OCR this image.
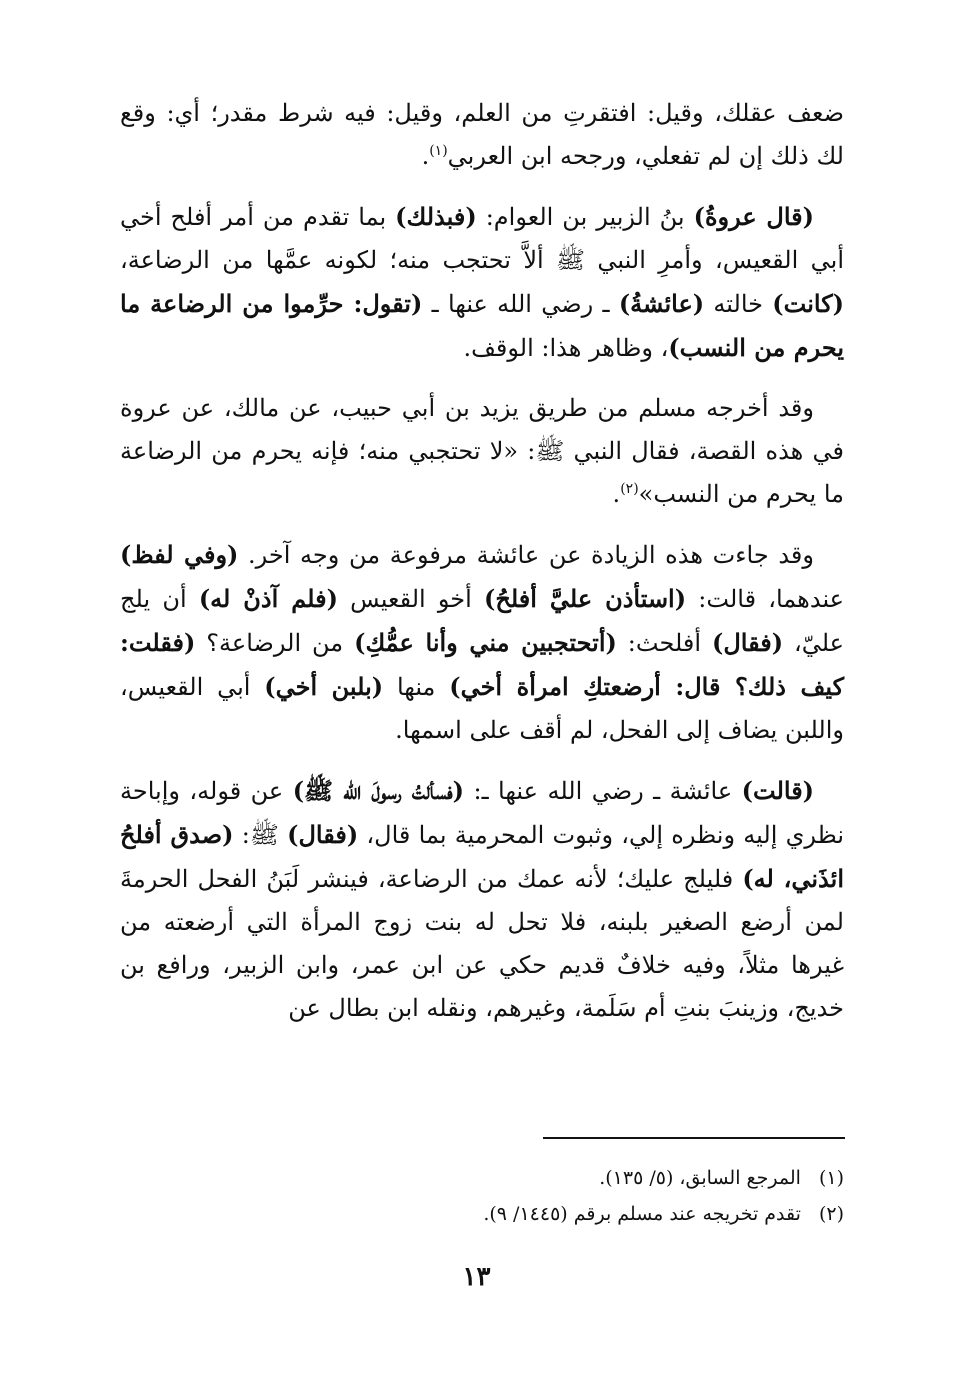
ضعف عقلك، وقيل: افتقرتِ من العلم، وقيل: فيه شرط مقدر؛ أي: وقع لك ذلك إن لم تفعلي، ورجحه ابن العربي$^{(١)}$.

(قال عروةُ) بنُ الزبير بن العوام: (فبذلك) بما تقدم من أمر أفلح أخي أبي القعيس، وأمرِ النبي ﷺ ألاَّ تحتجب منه؛ لكونه عمَّها من الرضاعة، (كانت) خالته (عائشةُ) ـ رضي الله عنها ـ (تقول: حرِّموا من الرضاعة ما يحرم من النسب)، وظاهر هذا: الوقف.

وقد أخرجه مسلم من طريق يزيد بن أبي حبيب، عن مالك، عن عروة في هذه القصة، فقال النبي ﷺ: «لا تحتجبي منه؛ فإنه يحرم من الرضاعة ما يحرم من النسب»$^{(٢)}$.

وقد جاءت هذه الزيادة عن عائشة مرفوعة من وجه آخر. (وفي لفظ) عندهما، قالت: (استأذن عليَّ أفلحُ) أخو القعيس (فلم آذنْ له) أن يلج عليّ، (فقال) أفلحث: (أتحتجبين مني وأنا عمُّكِ) من الرضاعة؟ (فقلت: كيف ذلك؟ قال: أرضعتكِ امرأة أخي) منها (بلبن أخي) أبي القعيس، واللبن يضاف إلى الفحل، لم أقف على اسمها.

(قالت) عائشة ـ رضي الله عنها ـ: (فسألتُ رسولَ الله ﷺ) عن قوله، وإباحة نظري إليه ونظره إلي، وثبوت المحرمية بما قال، (فقال) ﷺ: (صدق أفلحُ ائذَني، له) فليلج عليك؛ لأنه عمك من الرضاعة، فينشر لَبَنُ الفحل الحرمةَ لمن أرضع الصغير بلبنه، فلا تحل له بنت زوج المرأة التي أرضعته من غيرها مثلاً، وفيه خلافٌ قديم حكي عن ابن عمر، وابن الزبير، ورافع بن خديج، وزينبَ بنتِ أم سَلَمة، وغيرهم، ونقله ابن بطال عن

(١)المرجع السابق، (٥/ ١٣٥).
(٢)تقدم تخريجه عند مسلم برقم (١٤٤٥/ ٩).
١٣
